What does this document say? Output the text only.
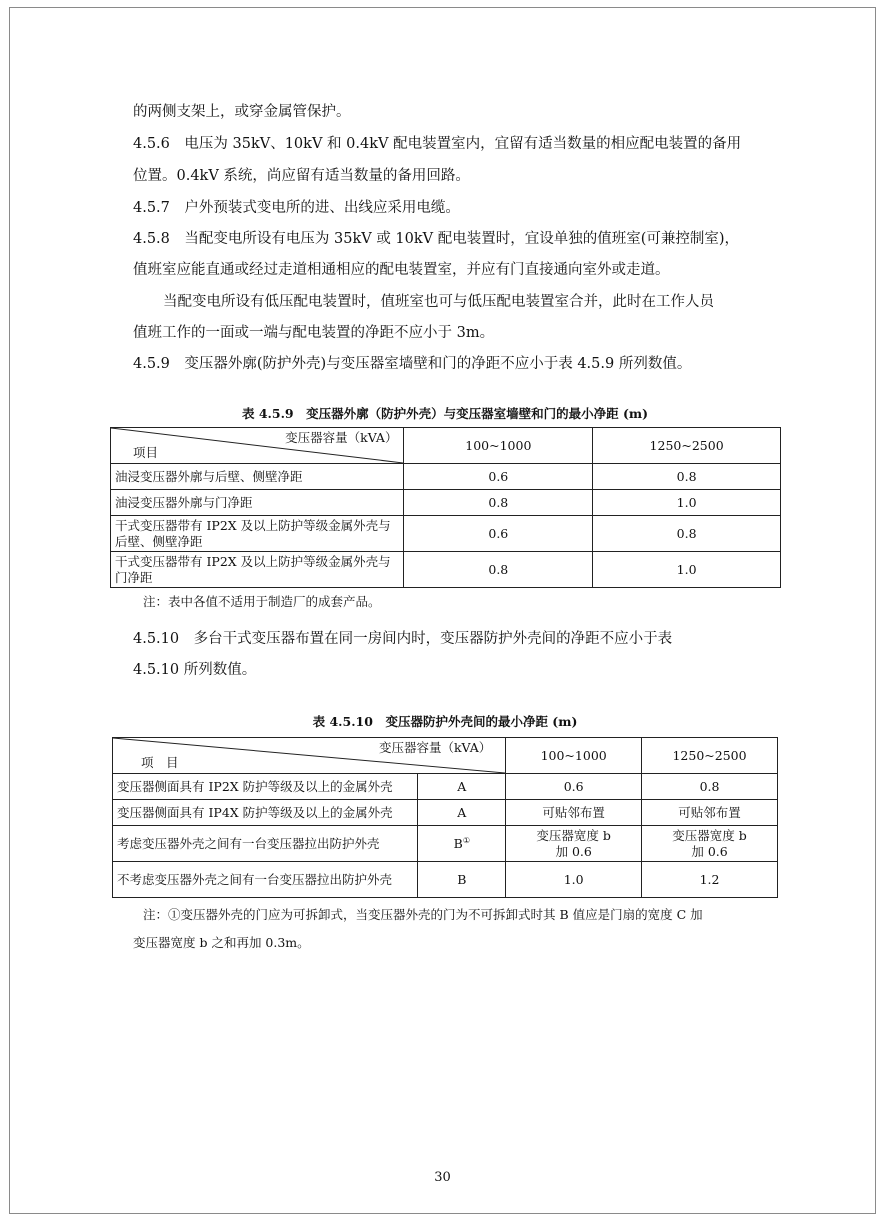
的两侧支架上，或穿金属管保护。
4.5.6　电压为 35kV、10kV 和 0.4kV 配电装置室内，宜留有适当数量的相应配电装置的备用
位置。0.4kV 系统，尚应留有适当数量的备用回路。
4.5.7　户外预装式变电所的进、出线应采用电缆。
4.5.8　当配变电所设有电压为 35kV 或 10kV 配电装置时，宜设单独的值班室(可兼控制室)，
值班室应能直通或经过走道相通相应的配电装置室，并应有门直接通向室外或走道。
当配变电所设有低压配电装置时，值班室也可与低压配电装置室合并，此时在工作人员
值班工作的一面或一端与配电装置的净距不应小于 3m。
4.5.9　变压器外廓(防护外壳)与变压器室墙壁和门的净距不应小于表 4.5.9 所列数值。
表 4.5.9　变压器外廓（防护外壳）与变压器室墙壁和门的最小净距 (m)
变压器容量（kVA）
项目	100~1000	1250~2500
油浸变压器外廓与后壁、侧壁净距	0.6	0.8
油浸变压器外廓与门净距	0.8	1.0
干式变压器带有 IP2X 及以上防护等级金属外壳与后壁、侧壁净距	0.6	0.8
干式变压器带有 IP2X 及以上防护等级金属外壳与门净距	0.8	1.0
注：表中各值不适用于制造厂的成套产品。
4.5.10　多台干式变压器布置在同一房间内时，变压器防护外壳间的净距不应小于表
4.5.10 所列数值。
表 4.5.10　变压器防护外壳间的最小净距 (m)
变压器容量（kVA）
项　目		100~1000	1250~2500
变压器侧面具有 IP2X 防护等级及以上的金属外壳	A	0.6	0.8
变压器侧面具有 IP4X 防护等级及以上的金属外壳	A	可贴邻布置	可贴邻布置
考虑变压器外壳之间有一台变压器拉出防护外壳	B①	变压器宽度 b 加 0.6	变压器宽度 b 加 0.6
不考虑变压器外壳之间有一台变压器拉出防护外壳	B	1.0	1.2
注：①变压器外壳的门应为可拆卸式，当变压器外壳的门为不可拆卸式时其 B 值应是门扇的宽度 C 加
变压器宽度 b 之和再加 0.3m。
30
